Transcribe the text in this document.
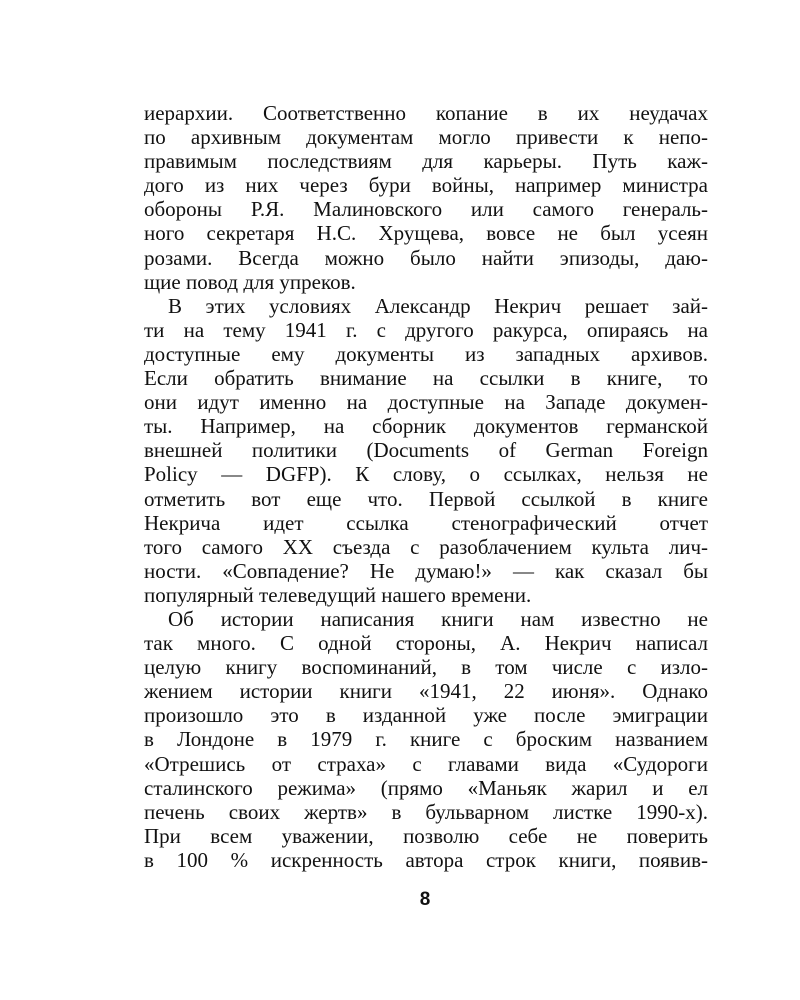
иерархии. Соответственно копание в их неудачах
по архивным документам могло привести к непо-
правимым последствиям для карьеры. Путь каж-
дого из них через бури войны, например министра
обороны Р.Я. Малиновского или самого генераль-
ного секретаря Н.С. Хрущева, вовсе не был усеян
розами. Всегда можно было найти эпизоды, даю-
щие повод для упреков.
В этих условиях Александр Некрич решает зай-
ти на тему 1941 г. с другого ракурса, опираясь на
доступные ему документы из западных архивов.
Если обратить внимание на ссылки в книге, то
они идут именно на доступные на Западе докумен-
ты. Например, на сборник документов германской
внешней политики (Documents of German Foreign
Policy — DGFP). К слову, о ссылках, нельзя не
отметить вот еще что. Первой ссылкой в книге
Некрича идет ссылка стенографический отчет
того самого XX съезда с разоблачением культа лич-
ности. «Совпадение? Не думаю!» — как сказал бы
популярный телеведущий нашего времени.
Об истории написания книги нам известно не
так много. С одной стороны, А. Некрич написал
целую книгу воспоминаний, в том числе с изло-
жением истории книги «1941, 22 июня». Однако
произошло это в изданной уже после эмиграции
в Лондоне в 1979 г. книге с броским названием
«Отрешись от страха» с главами вида «Судороги
сталинского режима» (прямо «Маньяк жарил и ел
печень своих жертв» в бульварном листке 1990-х).
При всем уважении, позволю себе не поверить
в 100 % искренность автора строк книги, появив-
8
